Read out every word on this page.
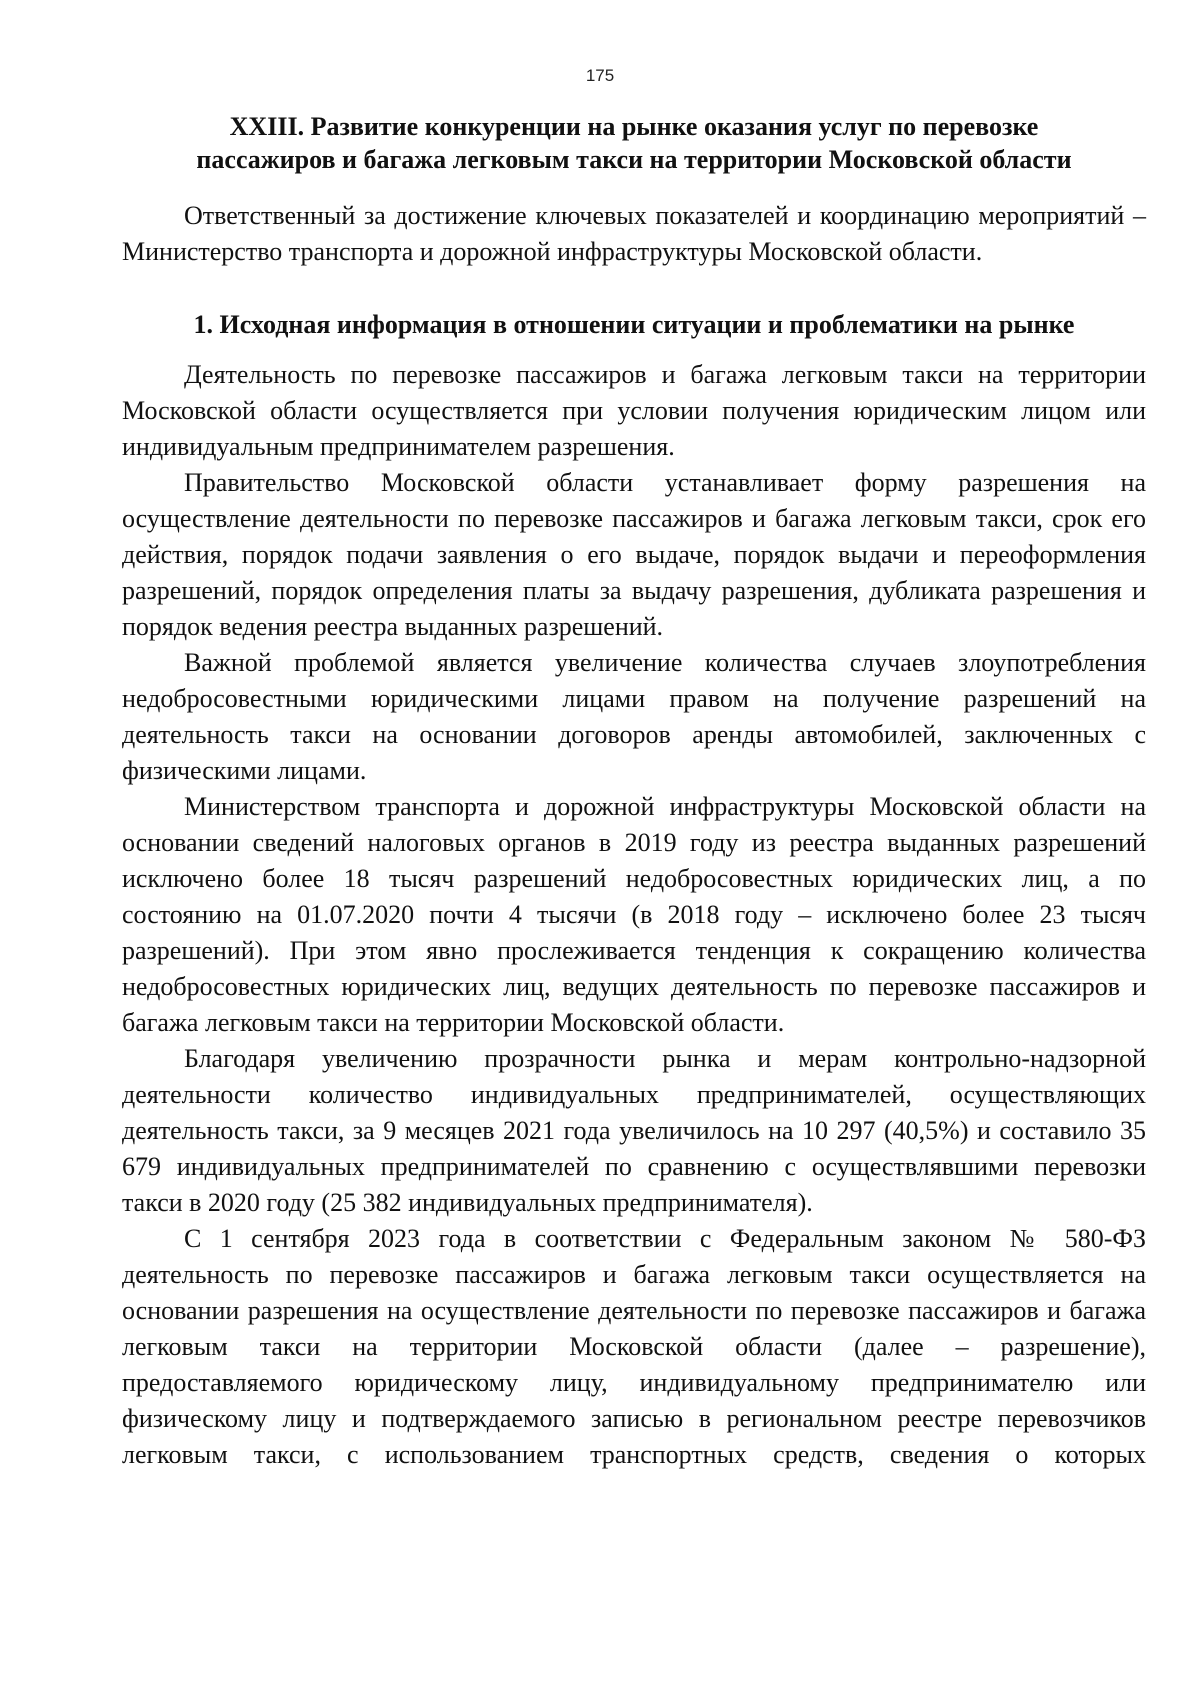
175
XXIII. Развитие конкуренции на рынке оказания услуг по перевозке
пассажиров и багажа легковым такси на территории Московской области

Ответственный за достижение ключевых показателей и координацию мероприятий – Министерство транспорта и дорожной инфраструктуры Московской области.

1. Исходная информация в отношении ситуации и проблематики на рынке

Деятельность по перевозке пассажиров и багажа легковым такси на территории Московской области осуществляется при условии получения юридическим лицом или индивидуальным предпринимателем разрешения.

Правительство Московской области устанавливает форму разрешения на осуществление деятельности по перевозке пассажиров и багажа легковым такси, срок его действия, порядок подачи заявления о его выдаче, порядок выдачи и переоформления разрешений, порядок определения платы за выдачу разрешения, дубликата разрешения и порядок ведения реестра выданных разрешений.

Важной проблемой является увеличение количества случаев злоупотребления недобросовестными юридическими лицами правом на получение разрешений на деятельность такси на основании договоров аренды автомобилей, заключенных с физическими лицами.

Министерством транспорта и дорожной инфраструктуры Московской области на основании сведений налоговых органов в 2019 году из реестра выданных разрешений исключено более 18 тысяч разрешений недобросовестных юридических лиц, а по состоянию на 01.07.2020 почти 4 тысячи (в 2018 году – исключено более 23 тысяч разрешений). При этом явно прослеживается тенденция к сокращению количества недобросовестных юридических лиц, ведущих деятельность по перевозке пассажиров и багажа легковым такси на территории Московской области.

Благодаря увеличению прозрачности рынка и мерам контрольно-надзорной деятельности количество индивидуальных предпринимателей, осуществляющих деятельность такси, за 9 месяцев 2021 года увеличилось на 10 297 (40,5%) и составило 35 679 индивидуальных предпринимателей по сравнению с осуществлявшими перевозки такси в 2020 году (25 382 индивидуальных предпринимателя).

С 1 сентября 2023 года в соответствии с Федеральным законом № 580-ФЗ деятельность по перевозке пассажиров и багажа легковым такси осуществляется на основании разрешения на осуществление деятельности по перевозке пассажиров и багажа легковым такси на территории Московской области (далее – разрешение), предоставляемого юридическому лицу, индивидуальному предпринимателю или физическому лицу и подтверждаемого записью в региональном реестре перевозчиков легковым такси, с использованием транспортных средств, сведения о которых
